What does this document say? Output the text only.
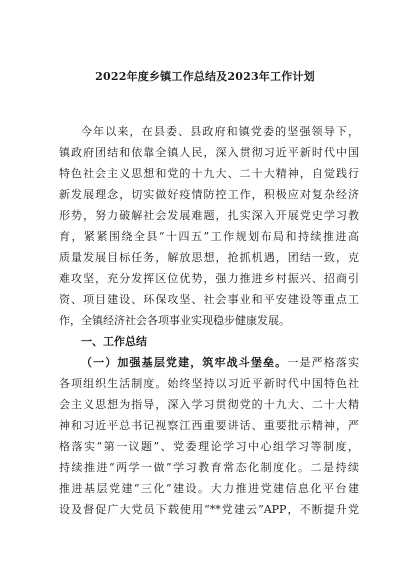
2022年度乡镇工作总结及2023年工作计划
今年以来，在县委、县政府和镇党委的坚强领导下，
镇政府团结和依靠全镇人民，深入贯彻习近平新时代中国
特色社会主义思想和党的十九大、二十大精神，自觉践行
新发展理念，切实做好疫情防控工作，积极应对复杂经济
形势，努力破解社会发展难题，扎实深入开展党史学习教
育，紧紧围绕全县“十四五”工作规划布局和持续推进高
质量发展目标任务，解放思想，抢抓机遇，团结一致，克
难攻坚，充分发挥区位优势，强力推进乡村振兴、招商引
资、项目建设、环保攻坚、社会事业和平安建设等重点工
作，全镇经济社会各项事业实现稳步健康发展。
一、工作总结
（一）加强基层党建，筑牢战斗堡垒。一是严格落实
各项组织生活制度。始终坚持以习近平新时代中国特色社
会主义思想为指导，深入学习贯彻党的十九大、二十大精
神和习近平总书记视察江西重要讲话、重要批示精神，严
格落实“第一议题”、党委理论学习中心组学习等制度，
持续推进“两学一做”学习教育常态化制度化。二是持续
推进基层党建“三化”建设。大力推进党建信息化平台建
设及督促广大党员下载使用“**党建云”APP，不断提升党
